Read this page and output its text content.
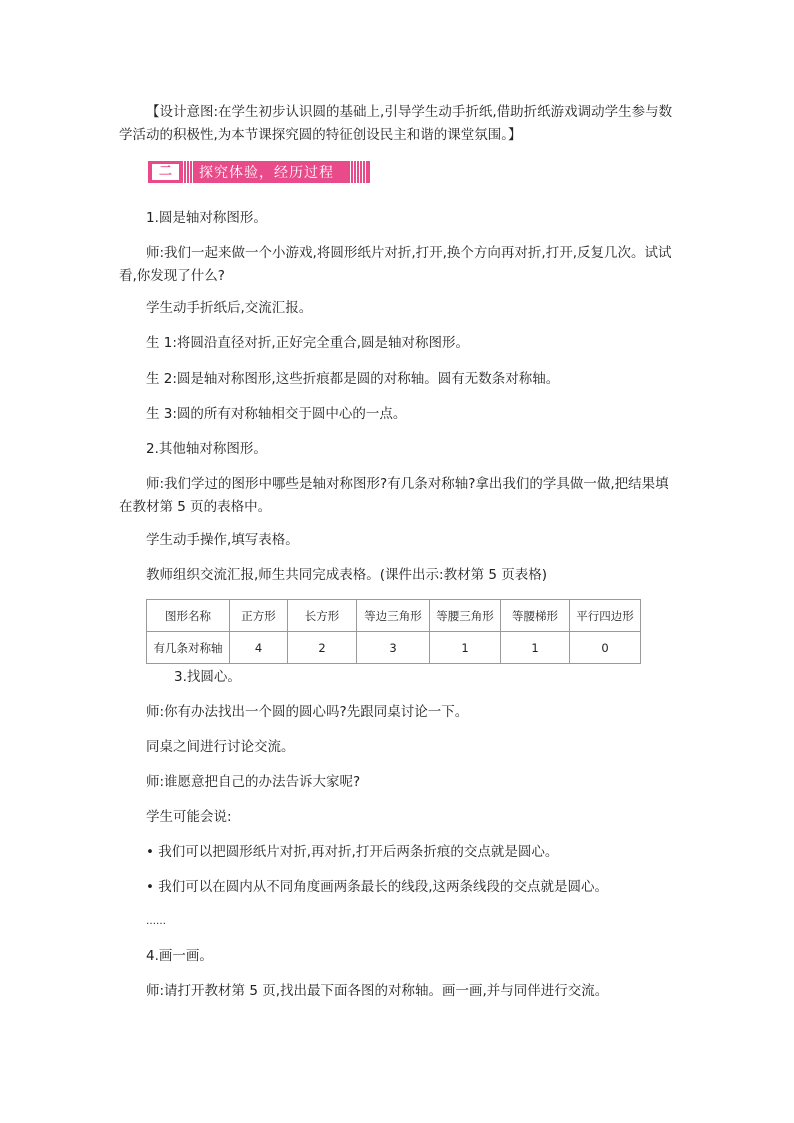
【设计意图:在学生初步认识圆的基础上,引导学生动手折纸,借助折纸游戏调动学生参与数学活动的积极性,为本节课探究圆的特征创设民主和谐的课堂氛围。】

二 探究体验，经历过程

1.圆是轴对称图形。

师:我们一起来做一个小游戏,将圆形纸片对折,打开,换个方向再对折,打开,反复几次。试试看,你发现了什么?

学生动手折纸后,交流汇报。

生 1:将圆沿直径对折,正好完全重合,圆是轴对称图形。

生 2:圆是轴对称图形,这些折痕都是圆的对称轴。圆有无数条对称轴。

生 3:圆的所有对称轴相交于圆中心的一点。

2.其他轴对称图形。

师:我们学过的图形中哪些是轴对称图形?有几条对称轴?拿出我们的学具做一做,把结果填在教材第 5 页的表格中。

学生动手操作,填写表格。

教师组织交流汇报,师生共同完成表格。(课件出示:教材第 5 页表格)

图形名称	正方形	长方形	等边三角形	等腰三角形	等腰梯形	平行四边形
有几条对称轴	4	2	3	1	1	0

3.找圆心。

师:你有办法找出一个圆的圆心吗?先跟同桌讨论一下。

同桌之间进行讨论交流。

师:谁愿意把自己的办法告诉大家呢?

学生可能会说:

• 我们可以把圆形纸片对折,再对折,打开后两条折痕的交点就是圆心。

• 我们可以在圆内从不同角度画两条最长的线段,这两条线段的交点就是圆心。

……

4.画一画。

师:请打开教材第 5 页,找出最下面各图的对称轴。画一画,并与同伴进行交流。
